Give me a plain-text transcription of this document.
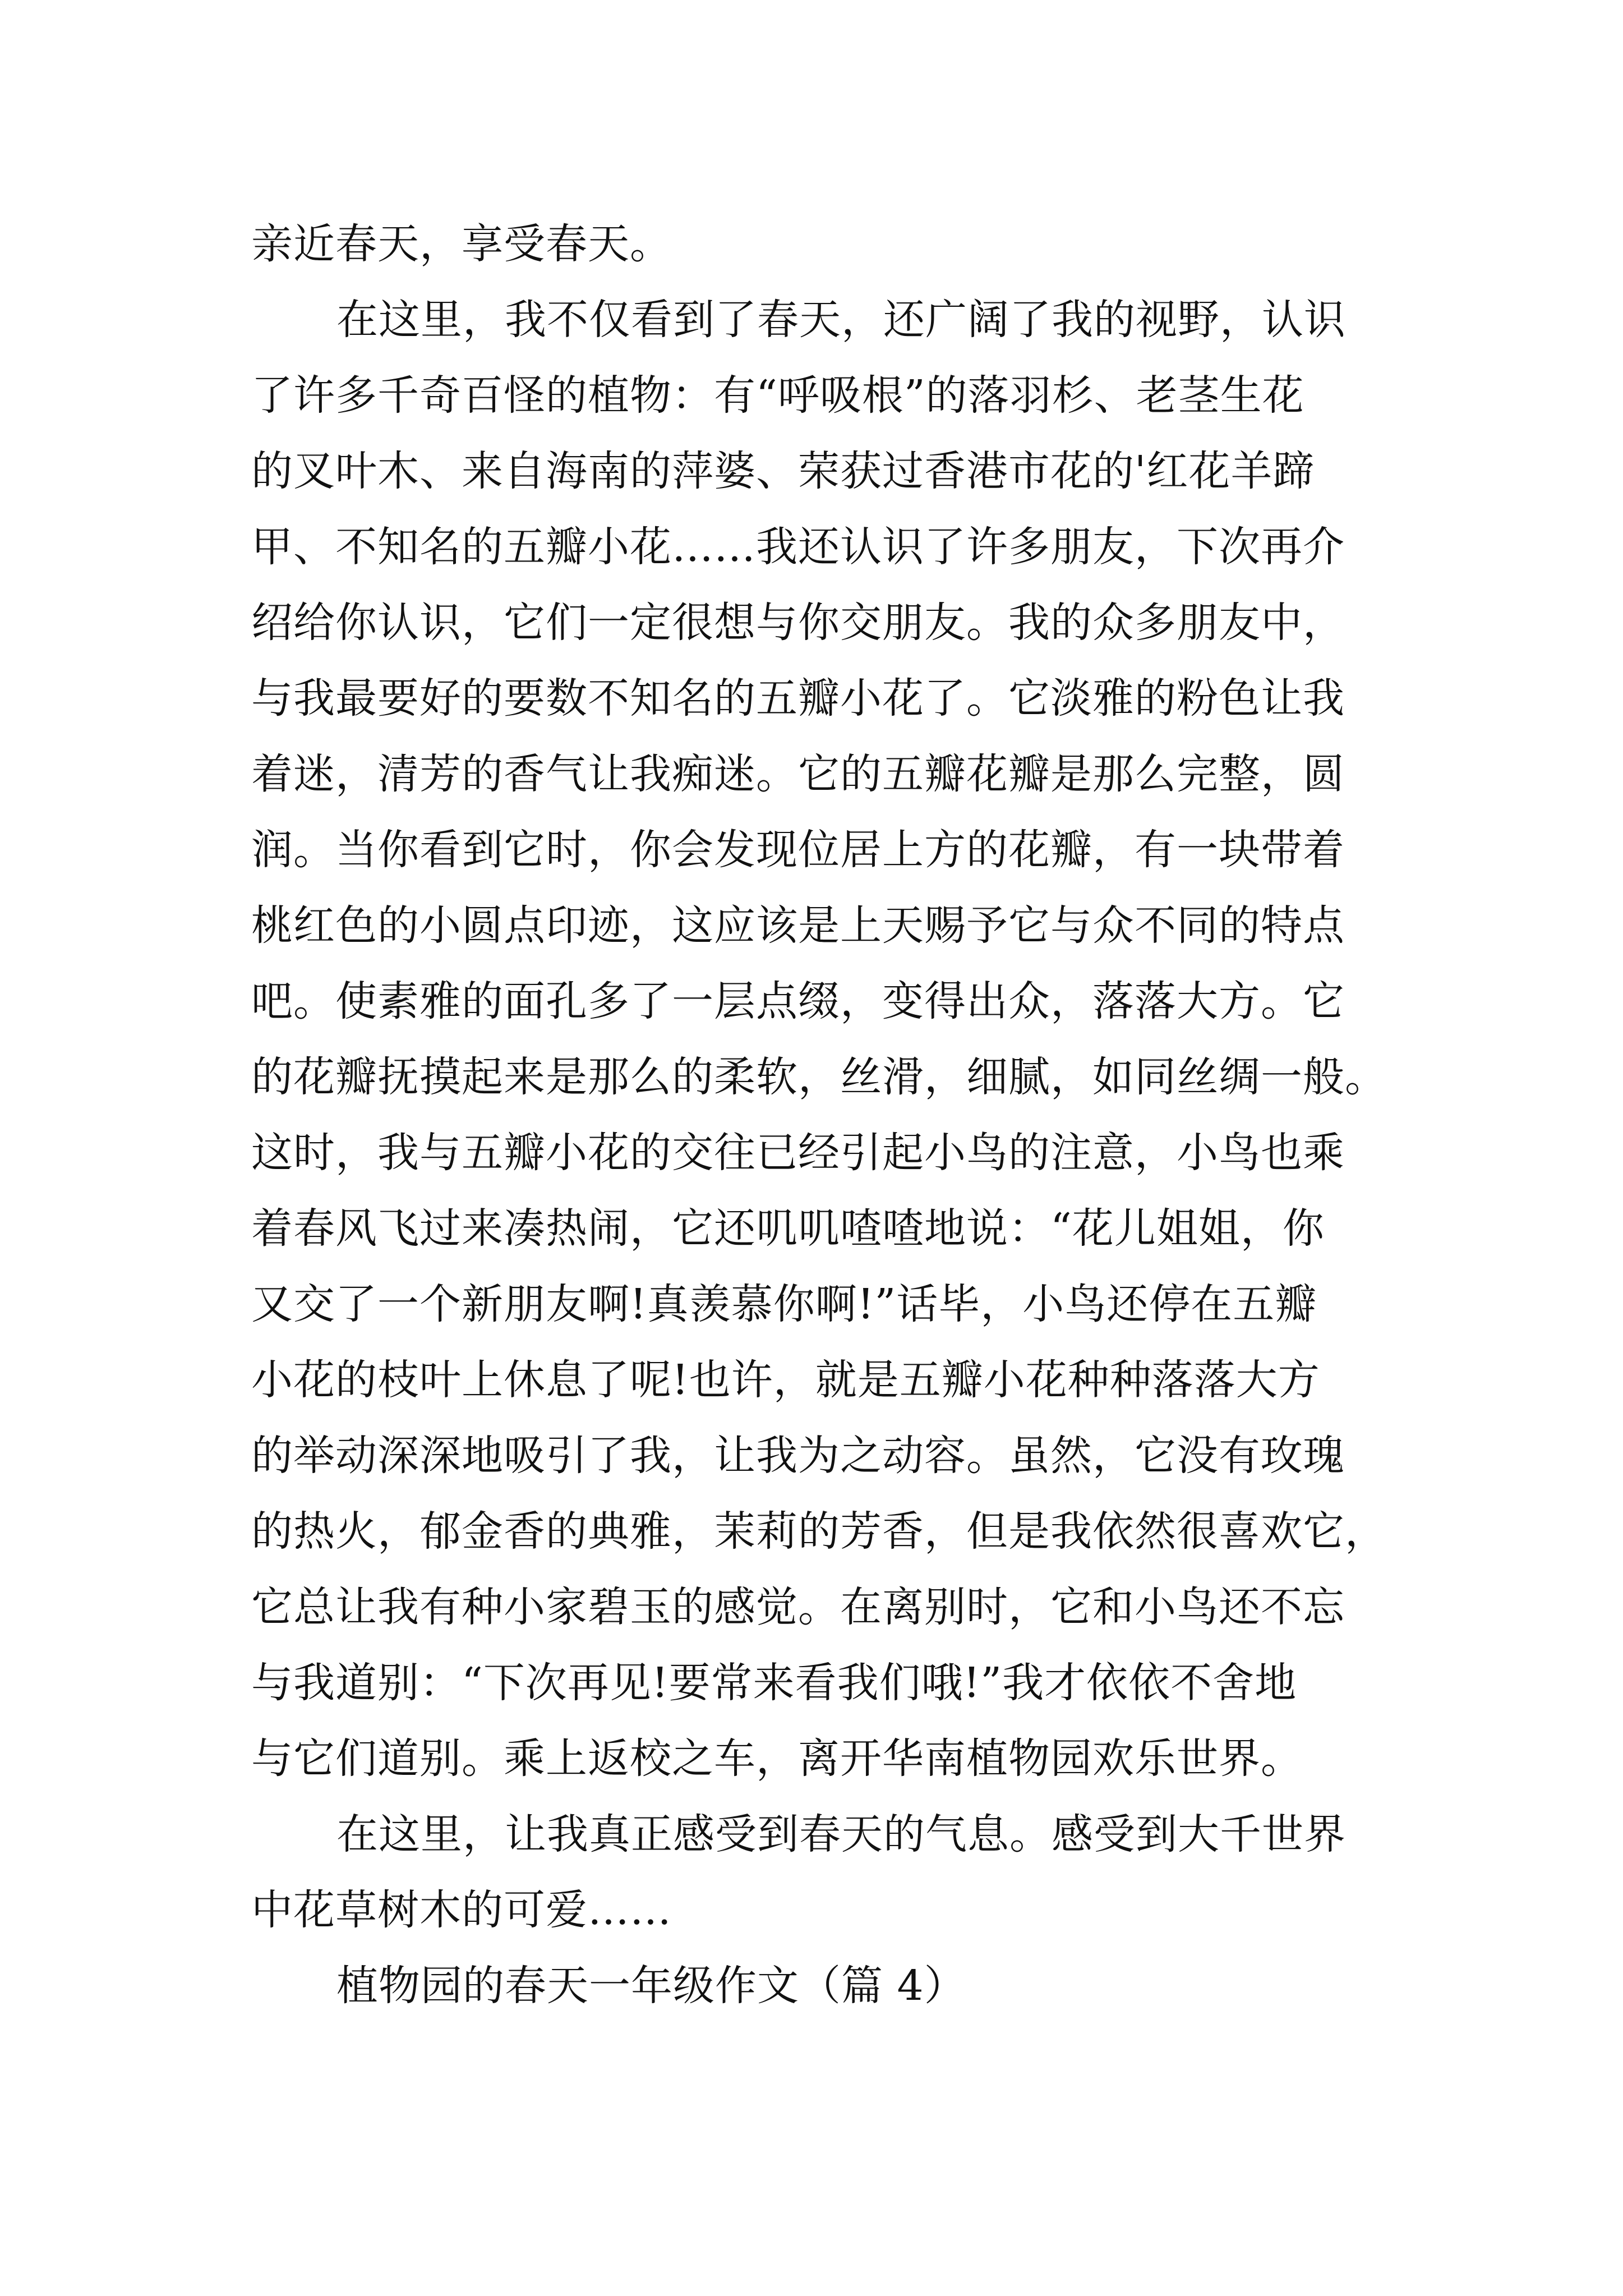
亲近春天，享受春天。

在这里，我不仅看到了春天，还广阔了我的视野，认识

了许多千奇百怪的植物：有“呼吸根”的落羽杉、老茎生花

的叉叶木、来自海南的萍婆、荣获过香港市花的'红花羊蹄

甲、不知名的五瓣小花……我还认识了许多朋友，下次再介

绍给你认识，它们一定很想与你交朋友。我的众多朋友中，

与我最要好的要数不知名的五瓣小花了。它淡雅的粉色让我

着迷，清芳的香气让我痴迷。它的五瓣花瓣是那么完整，圆

润。当你看到它时，你会发现位居上方的花瓣，有一块带着

桃红色的小圆点印迹，这应该是上天赐予它与众不同的特点

吧。使素雅的面孔多了一层点缀，变得出众，落落大方。它

的花瓣抚摸起来是那么的柔软，丝滑，细腻，如同丝绸一般。

这时，我与五瓣小花的交往已经引起小鸟的注意，小鸟也乘

着春风飞过来凑热闹，它还叽叽喳喳地说：“花儿姐姐，你

又交了一个新朋友啊!真羡慕你啊!”话毕，小鸟还停在五瓣

小花的枝叶上休息了呢!也许，就是五瓣小花种种落落大方

的举动深深地吸引了我，让我为之动容。虽然，它没有玫瑰

的热火，郁金香的典雅，茉莉的芳香，但是我依然很喜欢它，

它总让我有种小家碧玉的感觉。在离别时，它和小鸟还不忘

与我道别：“下次再见!要常来看我们哦!”我才依依不舍地

与它们道别。乘上返校之车，离开华南植物园欢乐世界。

在这里，让我真正感受到春天的气息。感受到大千世界

中花草树木的可爱……

植物园的春天一年级作文（篇 4）
